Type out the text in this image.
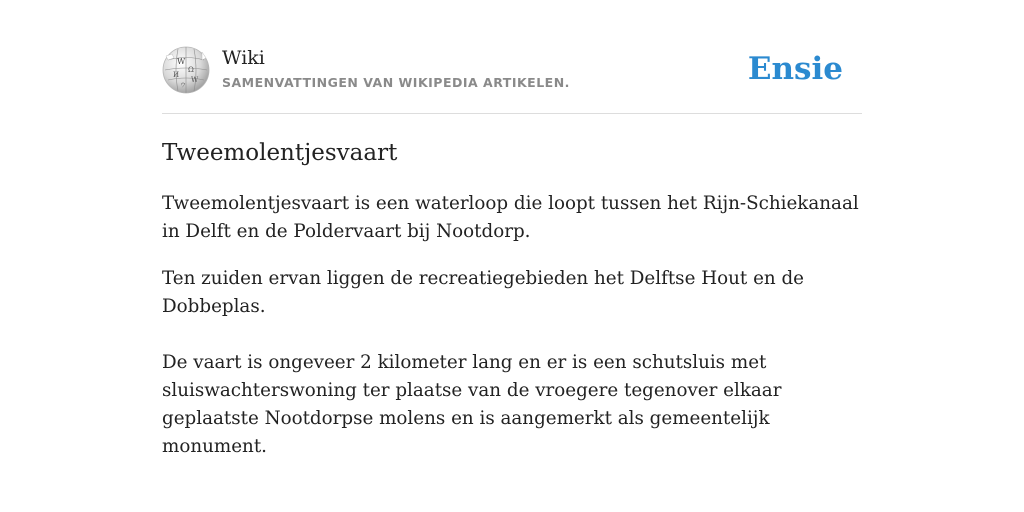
W
Ω
И
W
ウ
Wiki
SAMENVATTINGEN VAN WIKIPEDIA ARTIKELEN.	Ensie
Tweemolentjesvaart

Tweemolentjesvaart is een waterloop die loopt tussen het Rijn-Schiekanaal in Delft en de Poldervaart bij Nootdorp.

Ten zuiden ervan liggen de recreatiegebieden het Delftse Hout en de Dobbeplas.

De vaart is ongeveer 2 kilometer lang en er is een schutsluis met sluiswachterswoning ter plaatse van de vroegere tegenover elkaar geplaatste Nootdorpse molens en is aangemerkt als gemeentelijk monument.
